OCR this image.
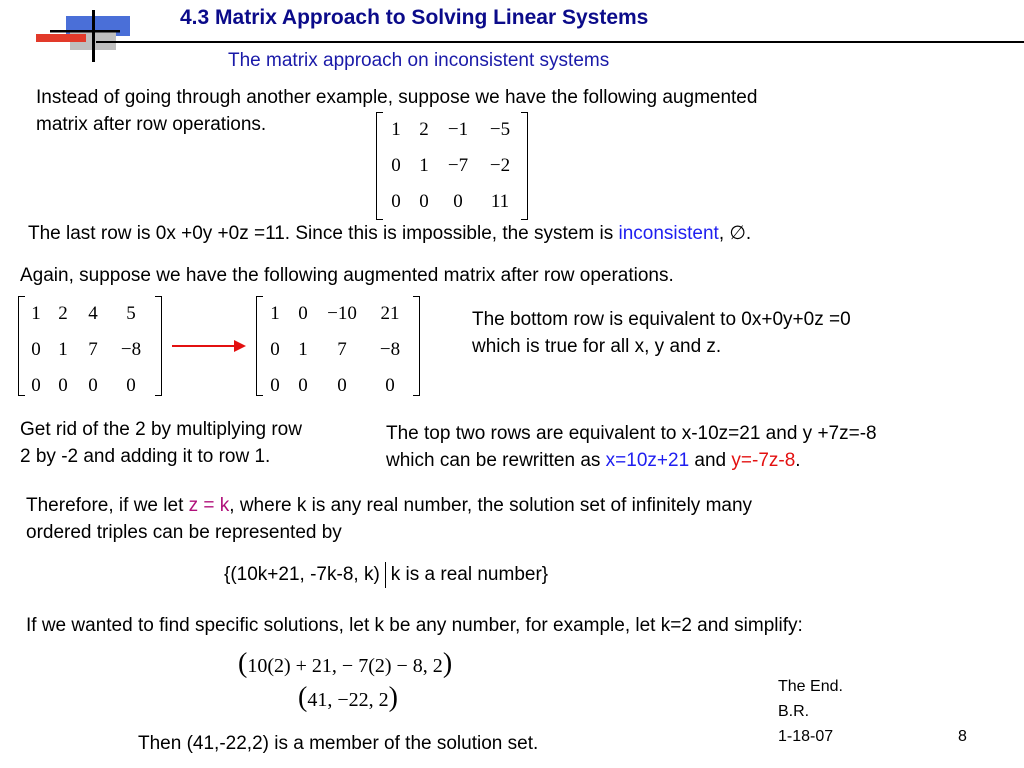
4.3 Matrix Approach to Solving Linear Systems
The matrix approach on inconsistent systems
Instead of going through another example, suppose we have the following augmented
matrix after row operations.	1	2	−1	−5
0	1	−7	−2
0	0	0	11
The last row is 0x +0y +0z =11. Since this is impossible, the system is inconsistent, ∅.
Again, suppose we have the following augmented matrix after row operations.
1	2	4	5
0	1	7	−8
0	0	0	0
1	0	−10	21
0	1	7	−8
0	0	0	0
The bottom row is equivalent to 0x+0y+0z =0
which is true for all x, y and z.
Get rid of the 2 by multiplying row
2 by -2 and adding it to row 1.
The top two rows are equivalent to x-10z=21 and y +7z=-8
which can be rewritten as x=10z+21 and y=-7z-8.
Therefore, if we let z = k, where k is any real number, the solution set of infinitely many
ordered triples can be represented by
{(10k+21, -7k-8, k) k is a real number}
If we wanted to find specific solutions, let k be any number, for example, let k=2 and simplify:
(10(2) + 21, − 7(2) − 8, 2)
(41, −22, 2)
Then (41,-22,2) is a member of the solution set.
The End.
B.R.
1-18-07	8
